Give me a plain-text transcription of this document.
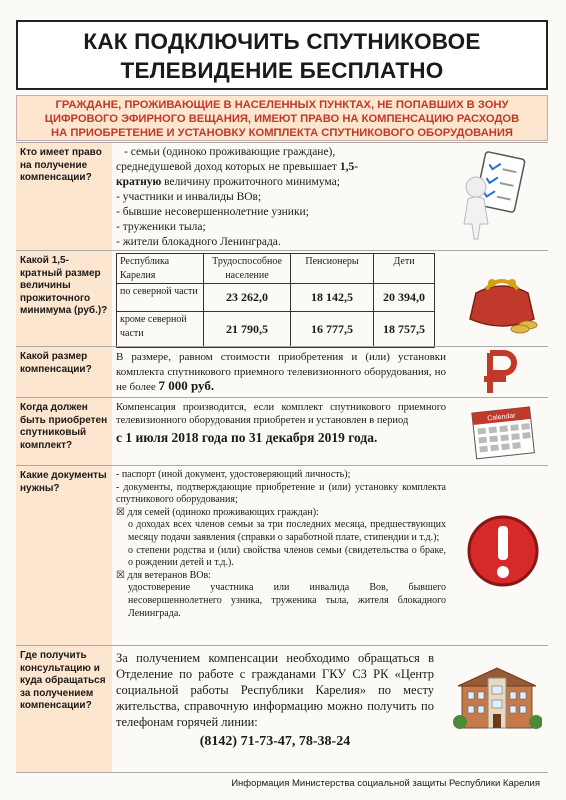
КАК ПОДКЛЮЧИТЬ СПУТНИКОВОЕ
ТЕЛЕВИДЕНИЕ БЕСПЛАТНО
ГРАЖДАНЕ, ПРОЖИВАЮЩИЕ В НАСЕЛЕННЫХ ПУНКТАХ, НЕ ПОПАВШИХ В ЗОНУ
ЦИФРОВОГО ЭФИРНОГО ВЕЩАНИЯ, ИМЕЮТ ПРАВО НА КОМПЕНСАЦИЮ РАСХОДОВ
НА ПРИОБРЕТЕНИЕ И УСТАНОВКУ КОМПЛЕКТА СПУТНИКОВОГО ОБОРУДОВАНИЯ
Кто имеет право на получение компенсации?
- семьи (одиноко проживающие граждане),
среднедушевой доход которых не превышает 1,5-
кратную величину прожиточного минимума;
- участники и инвалиды ВОв;
- бывшие несовершеннолетние узники;
- труженики тыла;
- жители блокадного Ленинграда.
Какой 1,5-кратный размер величины прожиточного минимума (руб.)?
Республика Карелия	Трудоспособное население	Пенсионеры	Дети
по северной части	23 262,0	18 142,5	20 394,0
кроме северной части	21 790,5	16 777,5	18 757,5
Какой размер компенсации?
В размере, равном стоимости приобретения и (или) установки комплекта спутникового приемного телевизионного оборудования, но не более 7 000 руб.
Когда должен быть приобретен спутниковый комплект?
Компенсация производится, если комплект спутникового приемного телевизионного оборудования приобретен и установлен в период
с 1 июля 2018 года по 31 декабря 2019 года.
Calendar
Какие документы нужны?
- паспорт (иной документ, удостоверяющий личность);
- документы, подтверждающие приобретение и (или) установку комплекта спутникового оборудования;
☒ для семей (одиноко проживающих граждан):
о доходах всех членов семьи за три последних месяца, предшествующих месяцу подачи заявления (справки о заработной плате, стипендии и т.д.);
о степени родства и (или) свойства членов семьи (свидетельства о браке, о рождении детей и т.д.).
☒ для ветеранов ВОв:
удостоверение участника или инвалида Вов, бывшего несовершеннолетнего узника, труженика тыла, жителя блокадного Ленинграда.
Где получить консультацию и куда обращаться за получением компенсации?
За получением компенсации необходимо обращаться в Отделение по работе с гражданами ГКУ СЗ РК «Центр социальной работы Республики Карелия» по месту жительства, справочную информацию можно получить по телефонам горячей линии:
(8142) 71-73-47, 78-38-24
Информация Министерства социальной защиты Республики Карелия
